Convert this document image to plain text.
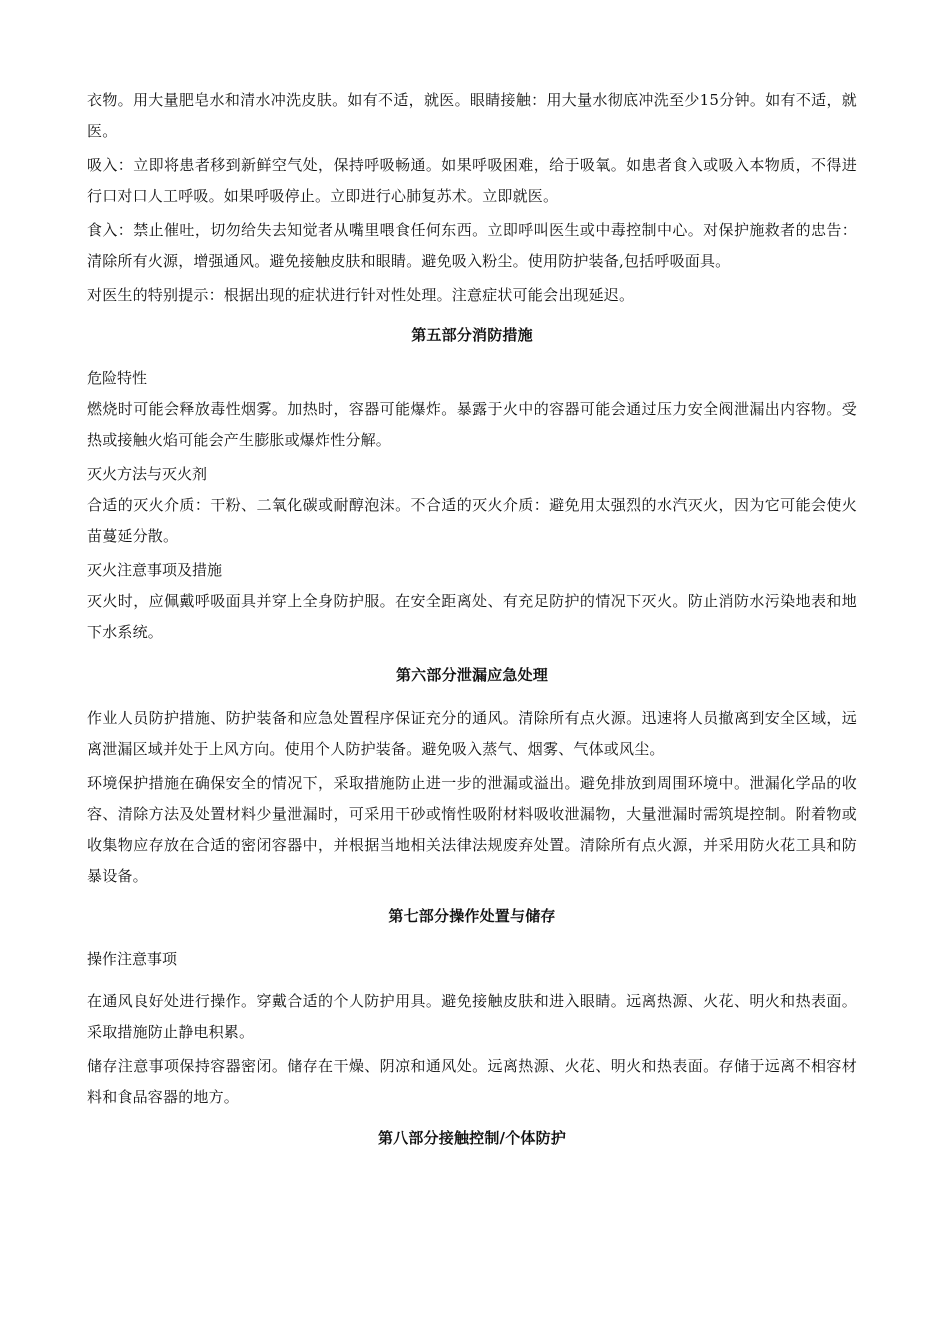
衣物。用大量肥皂水和清水冲洗皮肤。如有不适，就医。眼睛接触：用大量水彻底冲洗至少15分钟。如有不适，就医。

吸入：立即将患者移到新鲜空气处，保持呼吸畅通。如果呼吸困难，给于吸氧。如患者食入或吸入本物质，不得进行口对口人工呼吸。如果呼吸停止。立即进行心肺复苏术。立即就医。

食入：禁止催吐，切勿给失去知觉者从嘴里喂食任何东西。立即呼叫医生或中毒控制中心。对保护施救者的忠告：清除所有火源，增强通风。避免接触皮肤和眼睛。避免吸入粉尘。使用防护装备,包括呼吸面具。

对医生的特别提示：根据出现的症状进行针对性处理。注意症状可能会出现延迟。

第五部分消防措施

危险特性

燃烧时可能会释放毒性烟雾。加热时，容器可能爆炸。暴露于火中的容器可能会通过压力安全阀泄漏出内容物。受热或接触火焰可能会产生膨胀或爆炸性分解。

灭火方法与灭火剂

合适的灭火介质：干粉、二氧化碳或耐醇泡沫。不合适的灭火介质：避免用太强烈的水汽灭火，因为它可能会使火苗蔓延分散。

灭火注意事项及措施

灭火时，应佩戴呼吸面具并穿上全身防护服。在安全距离处、有充足防护的情况下灭火。防止消防水污染地表和地下水系统。

第六部分泄漏应急处理

作业人员防护措施、防护装备和应急处置程序保证充分的通风。清除所有点火源。迅速将人员撤离到安全区域，远离泄漏区域并处于上风方向。使用个人防护装备。避免吸入蒸气、烟雾、气体或风尘。

环境保护措施在确保安全的情况下，采取措施防止进一步的泄漏或溢出。避免排放到周围环境中。泄漏化学品的收容、清除方法及处置材料少量泄漏时，可采用干砂或惰性吸附材料吸收泄漏物，大量泄漏时需筑堤控制。附着物或收集物应存放在合适的密闭容器中，并根据当地相关法律法规废弃处置。清除所有点火源，并采用防火花工具和防暴设备。

第七部分操作处置与储存

操作注意事项

在通风良好处进行操作。穿戴合适的个人防护用具。避免接触皮肤和进入眼睛。远离热源、火花、明火和热表面。采取措施防止静电积累。

储存注意事项保持容器密闭。储存在干燥、阴凉和通风处。远离热源、火花、明火和热表面。存储于远离不相容材料和食品容器的地方。

第八部分接触控制/个体防护
